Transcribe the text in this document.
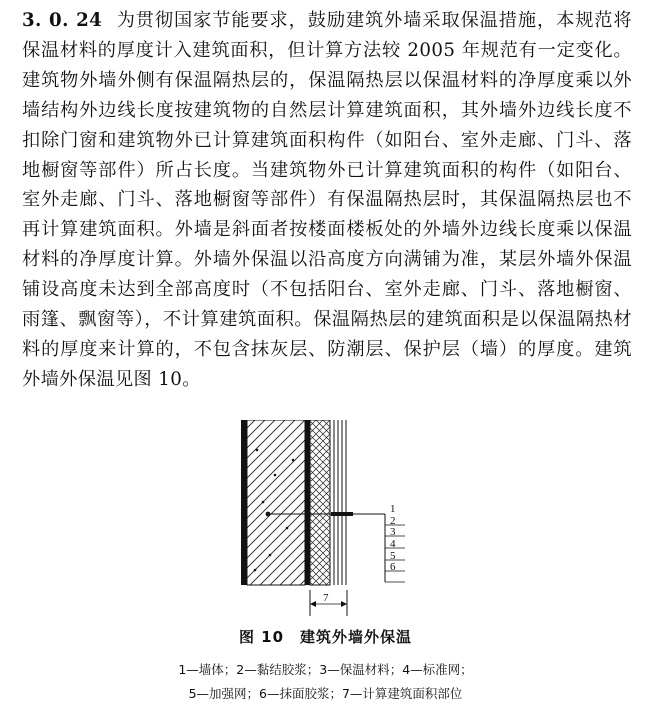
3. 0. 24 为贯彻国家节能要求，鼓励建筑外墙采取保温措施，本规范将保温材料的厚度计入建筑面积，但计算方法较 2005 年规范有一定变化。建筑物外墙外侧有保温隔热层的，保温隔热层以保温材料的净厚度乘以外墙结构外边线长度按建筑物的自然层计算建筑面积，其外墙外边线长度不扣除门窗和建筑物外已计算建筑面积构件（如阳台、室外走廊、门斗、落地橱窗等部件）所占长度。当建筑物外已计算建筑面积的构件（如阳台、室外走廊、门斗、落地橱窗等部件）有保温隔热层时，其保温隔热层也不再计算建筑面积。外墙是斜面者按楼面楼板处的外墙外边线长度乘以保温材料的净厚度计算。外墙外保温以沿高度方向满铺为准，某层外墙外保温铺设高度未达到全部高度时（不包括阳台、室外走廊、门斗、落地橱窗、雨篷、飘窗等），不计算建筑面积。保温隔热层的建筑面积是以保温隔热材料的厚度来计算的，不包含抹灰层、防潮层、保护层（墙）的厚度。建筑外墙外保温见图 10。

1
2
3
4
5
6
7
图 10　建筑外墙外保温
1—墙体；2—黏结胶浆；3—保温材料；4—标准网；
5—加强网；6—抹面胶浆；7—计算建筑面积部位
